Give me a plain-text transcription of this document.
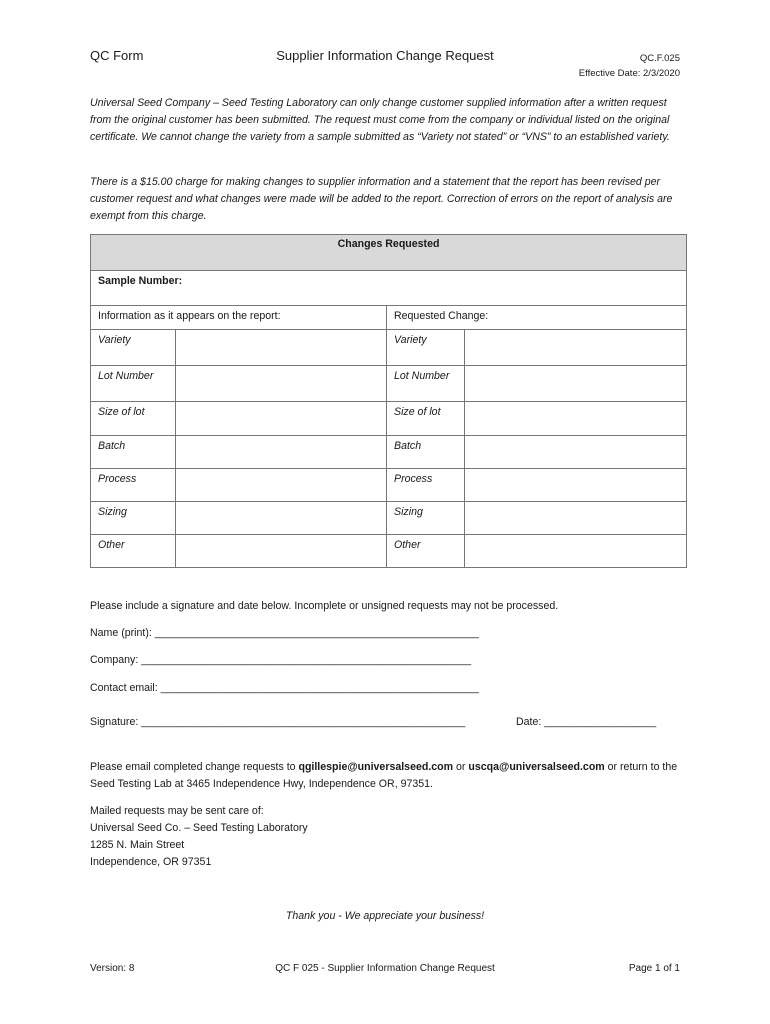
QC Form	Supplier Information Change Request	QC.F.025
Effective Date: 2/3/2020
Universal Seed Company – Seed Testing Laboratory can only change customer supplied information after a written request from the original customer has been submitted. The request must come from the company or individual listed on the original certificate. We cannot change the variety from a sample submitted as “Variety not stated” or “VNS” to an established variety.
There is a $15.00 charge for making changes to supplier information and a statement that the report has been revised per customer request and what changes were made will be added to the report. Correction of errors on the report of analysis are exempt from this charge.
Changes Requested			
Sample Number:			
Information as it appears on the report:		Requested Change:	
Variety		Variety	
Lot Number		Lot Number	
Size of lot		Size of lot	
Batch		Batch	
Process		Process	
Sizing		Sizing	
Other		Other	
Please include a signature and date below. Incomplete or unsigned requests may not be processed.
Name (print): _______________________________________________________
Company: ________________________________________________________
Contact email: ______________________________________________________
Signature: _______________________________________________________	Date: ___________________
Please email completed change requests to qgillespie@universalseed.com or uscqa@universalseed.com or return to the Seed Testing Lab at 3465 Independence Hwy, Independence OR, 97351.
Mailed requests may be sent care of:
Universal Seed Co. – Seed Testing Laboratory
1285 N. Main Street
Independence, OR 97351
Thank you - We appreciate your business!
Version: 8	QC F 025 - Supplier Information Change Request	Page 1 of 1
